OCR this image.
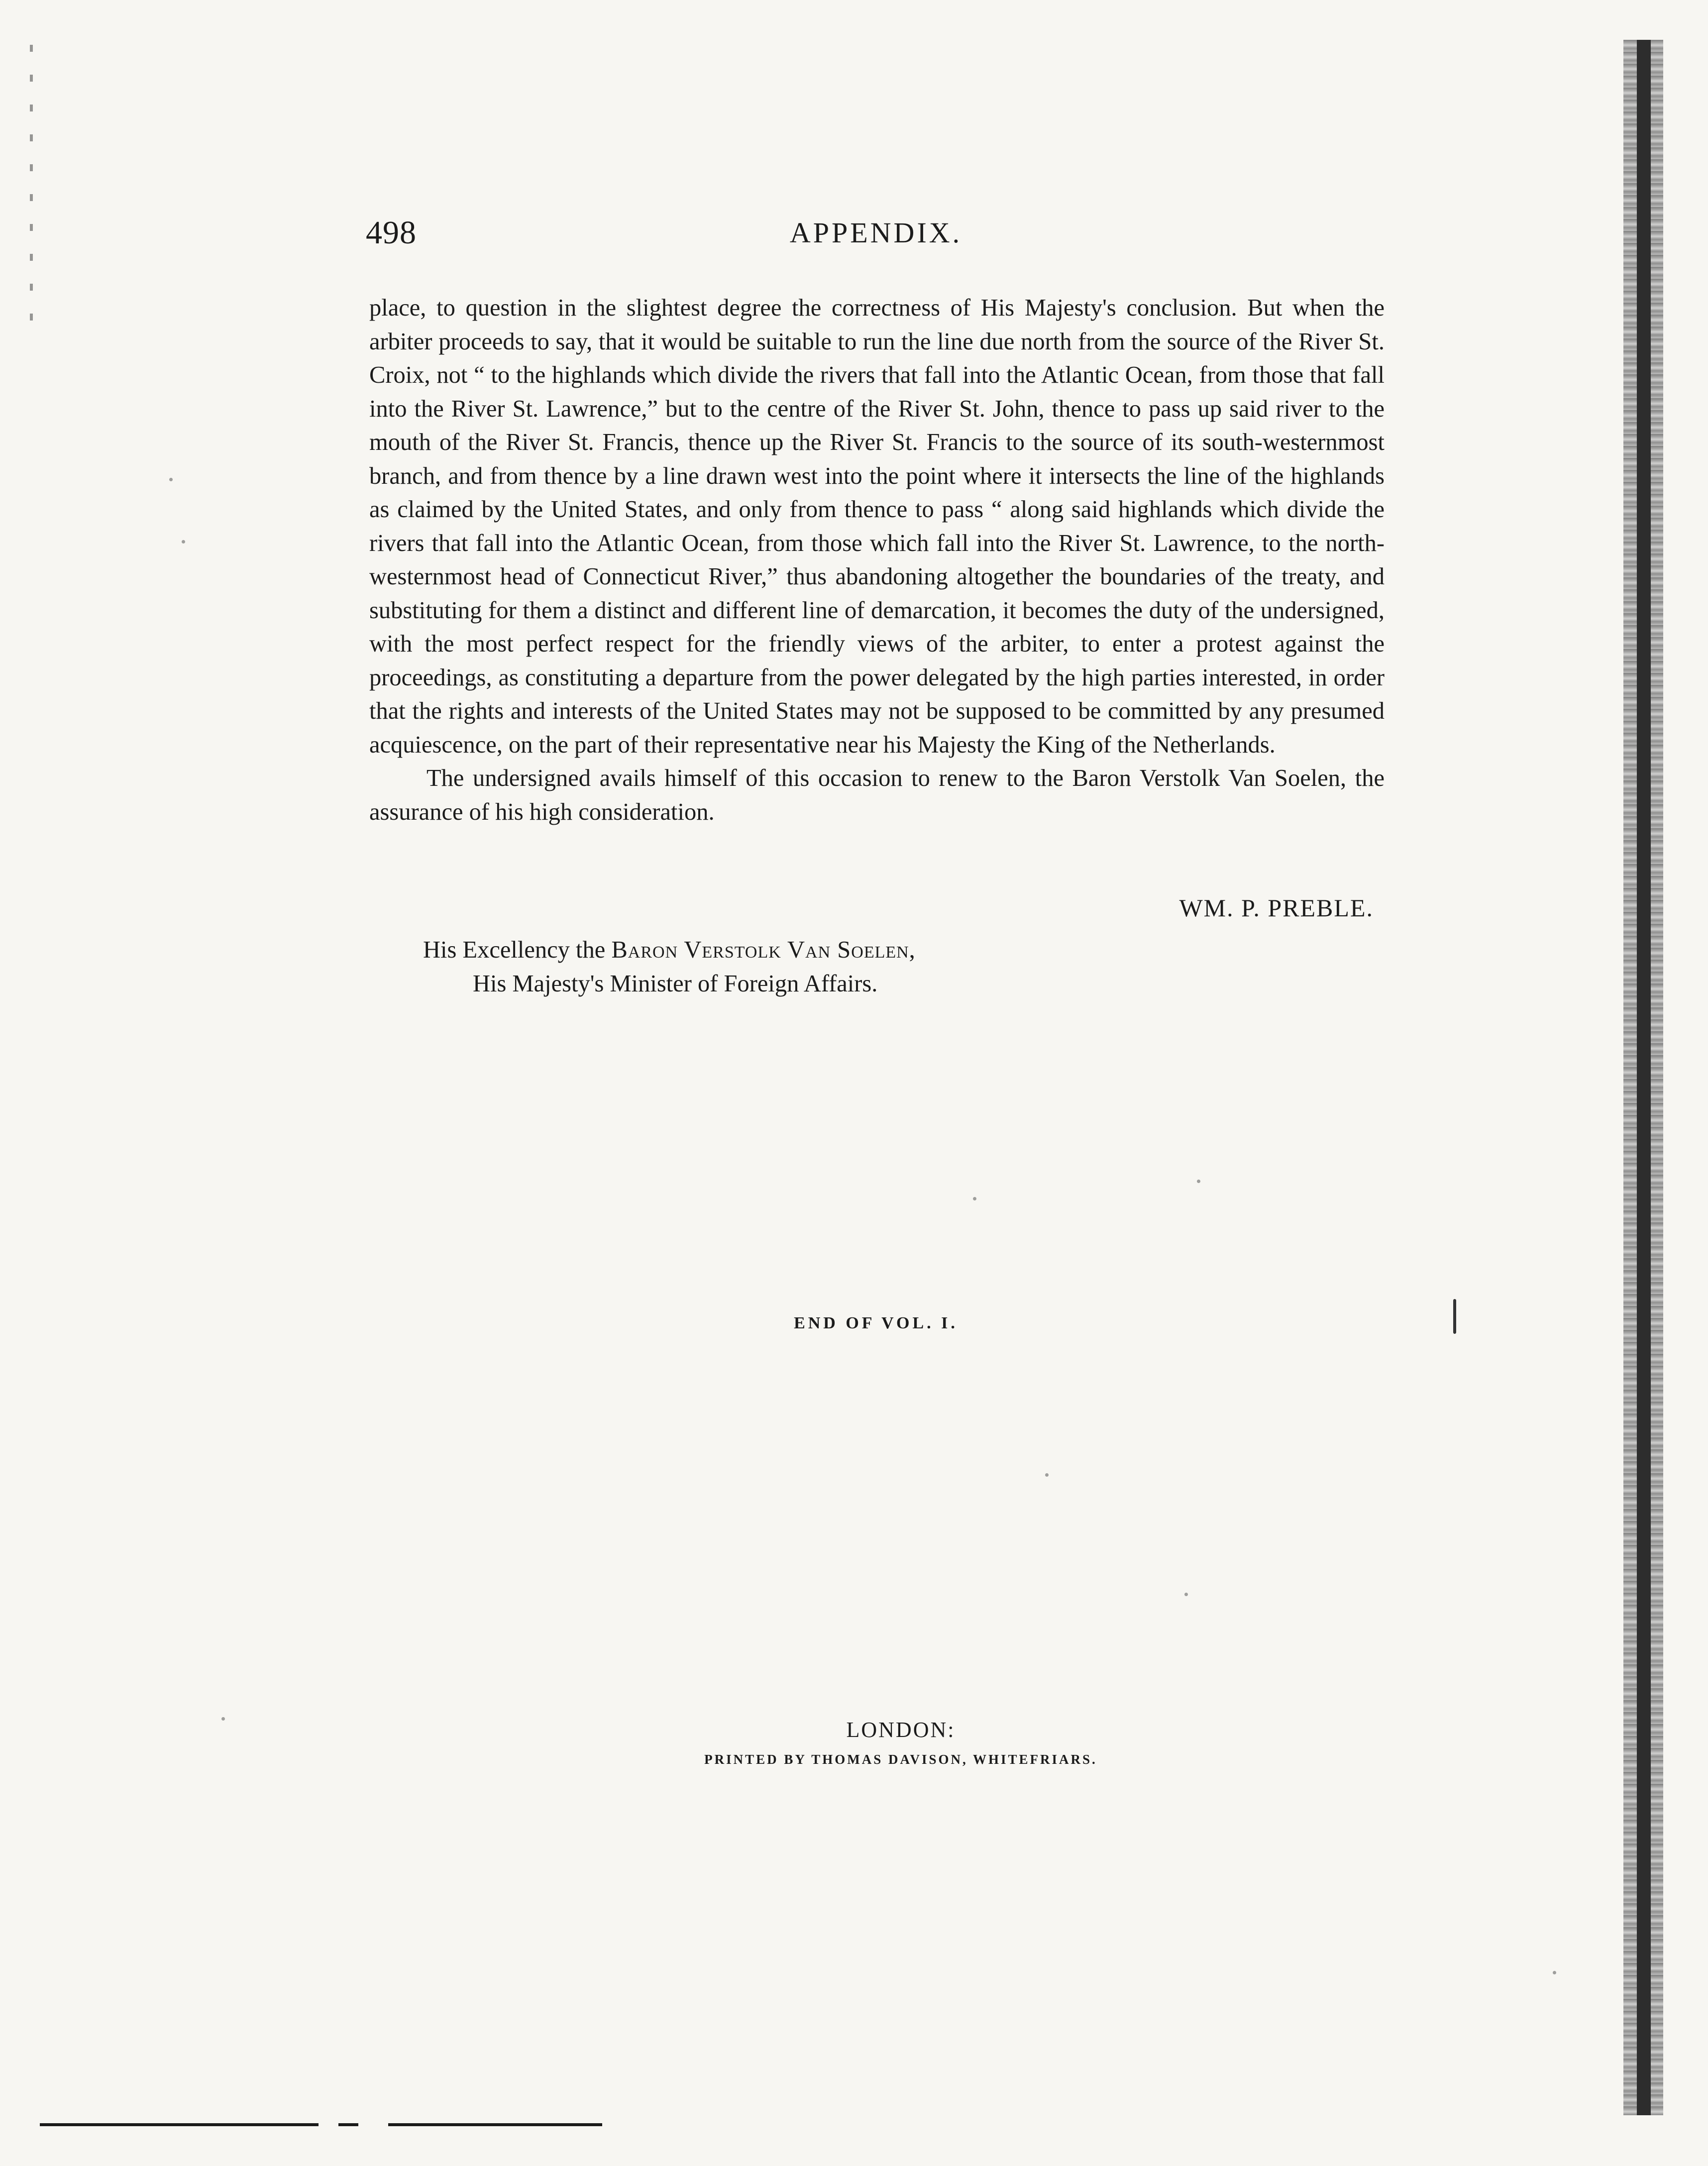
498	APPENDIX.

place, to question in the slightest degree the correctness of His Majesty's conclusion. But when the arbiter proceeds to say, that it would be suitable to run the line due north from the source of the River St. Croix, not “ to the highlands which divide the rivers that fall into the Atlantic Ocean, from those that fall into the River St. Lawrence,” but to the centre of the River St. John, thence to pass up said river to the mouth of the River St. Francis, thence up the River St. Francis to the source of its south-westernmost branch, and from thence by a line drawn west into the point where it intersects the line of the highlands as claimed by the United States, and only from thence to pass “ along said highlands which divide the rivers that fall into the Atlantic Ocean, from those which fall into the River St. Lawrence, to the north-westernmost head of Connecticut River,” thus abandoning altogether the boundaries of the treaty, and substituting for them a distinct and different line of demarcation, it becomes the duty of the undersigned, with the most perfect respect for the friendly views of the arbiter, to enter a protest against the proceedings, as constituting a departure from the power delegated by the high parties interested, in order that the rights and interests of the United States may not be supposed to be committed by any presumed acquiescence, on the part of their representative near his Majesty the King of the Netherlands.

The undersigned avails himself of this occasion to renew to the Baron Verstolk Van Soelen, the assurance of his high consideration.

WM. P. PREBLE.
His Excellency the Baron Verstolk Van Soelen,
His Majesty's Minister of Foreign Affairs.
END OF VOL. I.
LONDON:
PRINTED BY THOMAS DAVISON, WHITEFRIARS.
